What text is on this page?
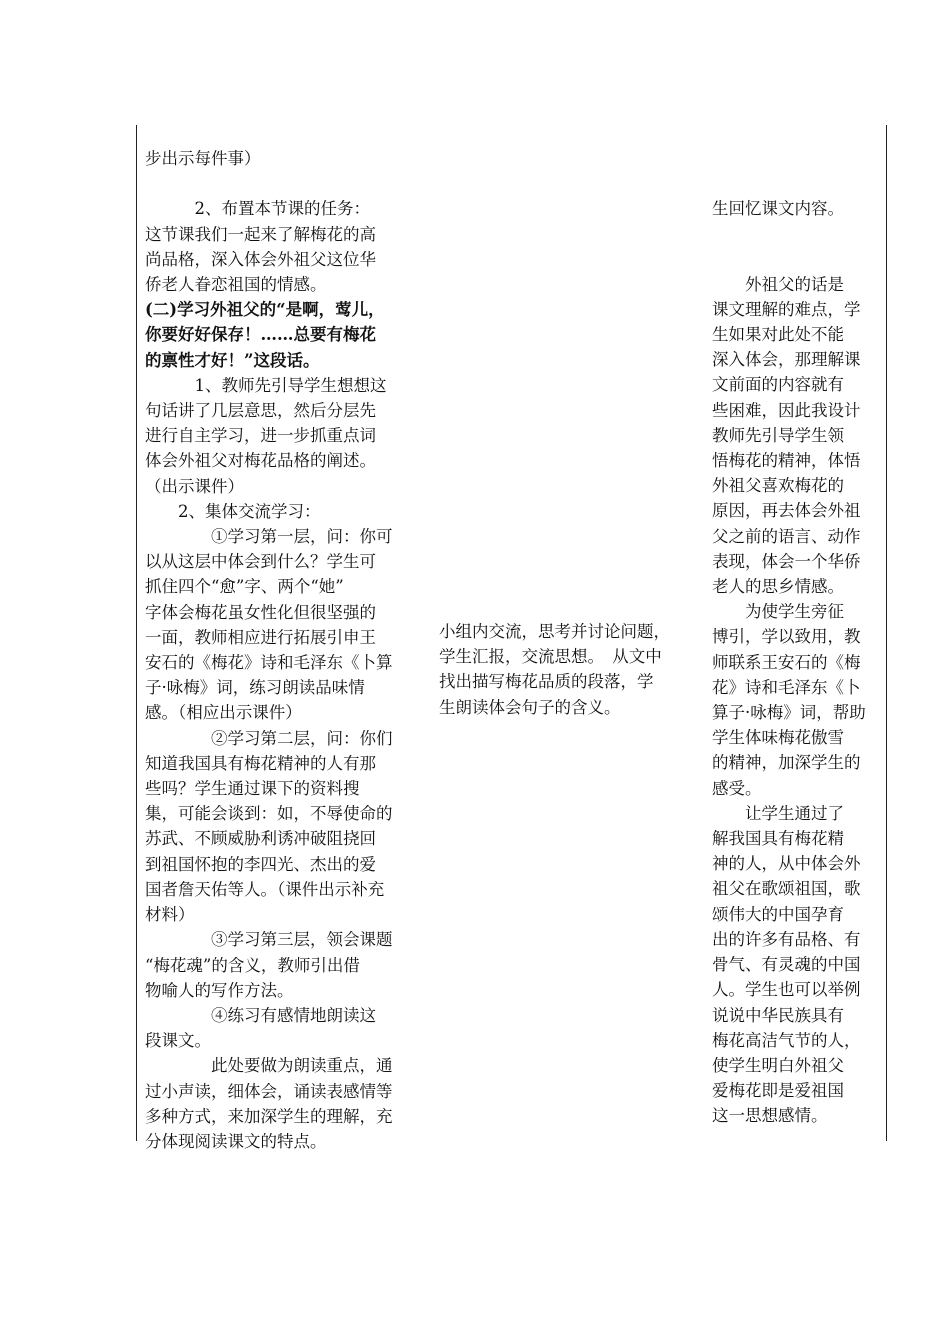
步出示每件事）

　　　2、布置本节课的任务：

这节课我们一起来了解梅花的高

尚品格，深入体会外祖父这位华

侨老人眷恋祖国的情感。

(二)学习外祖父的“是啊，莺儿，

你要好好保存！……总要有梅花

的禀性才好！”这段话。

　　　1、教师先引导学生想想这

句话讲了几层意思，然后分层先

进行自主学习，进一步抓重点词

体会外祖父对梅花品格的阐述。

（出示课件）

　　2、集体交流学习：

　　　　①学习第一层，问：你可

以从这层中体会到什么？学生可

抓住四个“愈”字、两个“她”

字体会梅花虽女性化但很坚强的

一面，教师相应进行拓展引申王

安石的《梅花》诗和毛泽东《卜算

子·咏梅》词，练习朗读品味情

感。（相应出示课件）

　　　　②学习第二层，问：你们

知道我国具有梅花精神的人有那

些吗？学生通过课下的资料搜

集，可能会谈到：如，不辱使命的

苏武、不顾威胁利诱冲破阻挠回

到祖国怀抱的李四光、杰出的爱

国者詹天佑等人。（课件出示补充

材料）

　　　　③学习第三层，领会课题

“梅花魂”的含义，教师引出借

物喻人的写作方法。

　　　　④练习有感情地朗读这

段课文。

　　　　此处要做为朗读重点，通

过小声读，细体会，诵读表感情等

多种方式，来加深学生的理解，充

分体现阅读课文的特点。

小组内交流，思考并讨论问题，

学生汇报，交流思想。　从文中

找出描写梅花品质的段落，学

生朗读体会句子的含义。

生回忆课文内容。

　　外祖父的话是

课文理解的难点，学

生如果对此处不能

深入体会，那理解课

文前面的内容就有

些困难，因此我设计

教师先引导学生领

悟梅花的精神，体悟

外祖父喜欢梅花的

原因，再去体会外祖

父之前的语言、动作

表现，体会一个华侨

老人的思乡情感。

　　为使学生旁征

博引，学以致用，教

师联系王安石的《梅

花》诗和毛泽东《卜

算子·咏梅》词，帮助

学生体味梅花傲雪

的精神，加深学生的

感受。

　　让学生通过了

解我国具有梅花精

神的人，从中体会外

祖父在歌颂祖国，歌

颂伟大的中国孕育

出的许多有品格、有

骨气、有灵魂的中国

人。学生也可以举例

说说中华民族具有

梅花高洁气节的人，

使学生明白外祖父

爱梅花即是爱祖国

这一思想感情。
